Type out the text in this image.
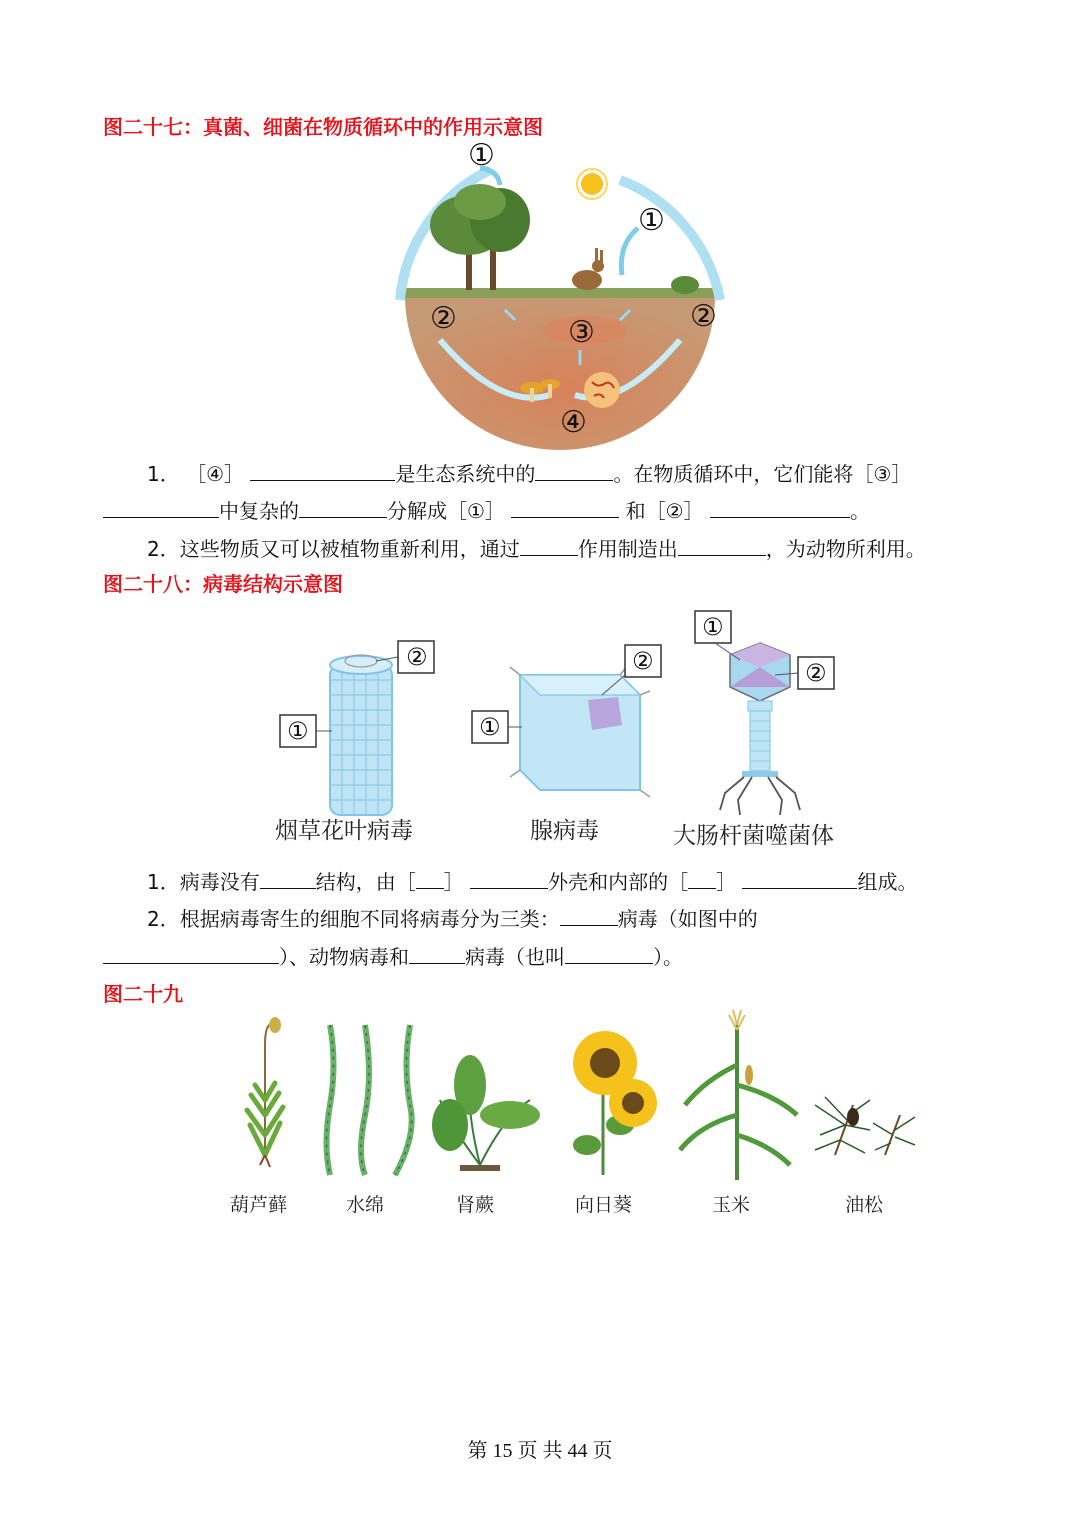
图二十七：真菌、细菌在物质循环中的作用示意图
①
①
②	②
③
④

1． ［④］	是生态系统中的	。在物质循环中，它们能将［③］

中复杂的	分解成［①］	和［②］	。

2．这些物质又可以被植物重新利用，通过	作用制造出	，为动物所利用。

图二十八：病毒结构示意图
②
①
②
①
①
②
烟草花叶病毒	腺病毒	大肠杆菌噬菌体

1．病毒没有	结构，由［ ］	外壳和内部的［ ］	组成。

2．根据病毒寄生的细胞不同将病毒分为三类：	病毒（如图中的

）、动物病毒和	病毒（也叫	）。

图二十九
葫芦藓	水绵	肾蕨	向日葵	玉米	油松
第 15 页 共 44 页
